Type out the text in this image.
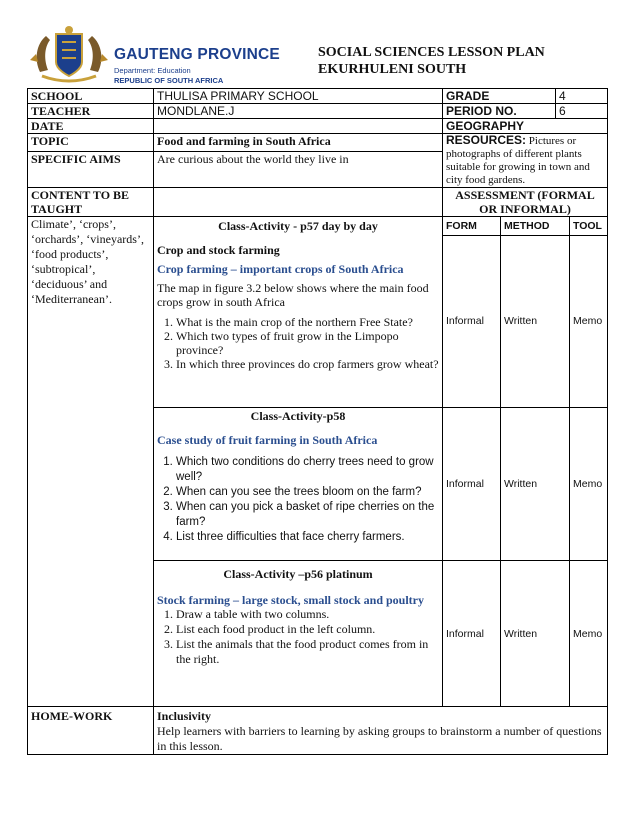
GAUTENG PROVINCE
Department: Education
REPUBLIC OF SOUTH AFRICA
SOCIAL SCIENCES LESSON PLAN
EKURHULENI SOUTH
SCHOOL	THULISA PRIMARY SCHOOL	GRADE	4
TEACHER	MONDLANE.J	PERIOD NO.	6
DATE		GEOGRAPHY
TOPIC	Food and farming in South Africa	RESOURCES: Pictures or
photographs of different plants suitable for growing in town and city food gardens.
SPECIFIC AIMS	Are curious about the world they live in
CONTENT TO BE TAUGHT		ASSESSMENT (FORMAL OR INFORMAL)
Climate’, ‘crops’, ‘orchards’, ‘vineyards’, ‘food products’, ‘subtropical’, ‘deciduous’ and ‘Mediterranean’.	
Class-Activity - p57 day by day
Crop and stock farming
Crop farming – important crops of South Africa
The map in figure 3.2 below shows where the main food crops grow in south Africa
1. What is the main crop of the northern Free State?
2. Which two types of fruit grow in the Limpopo province?
3. In which three provinces do crop farmers grow wheat?

FORM	METHOD	TOOL
Informal	Written	Memo

Class-Activity-p58
Case study of fruit farming in South Africa
1. Which two conditions do cherry trees need to grow well?
2. When can you see the trees bloom on the farm?
3. When can you pick a basket of ripe cherries on the farm?
4. List three difficulties that face cherry farmers.

Informal	Written	Memo

Class-Activity –p56 platinum
Stock farming – large stock, small stock and poultry
1. Draw a table with two columns.
2. List each food product in the left column.
3. List the animals that the food product comes from in the right.

Informal	Written	Memo

HOME-WORK	Inclusivity
Help learners with barriers to learning by asking groups to brainstorm a number of questions in this lesson.
